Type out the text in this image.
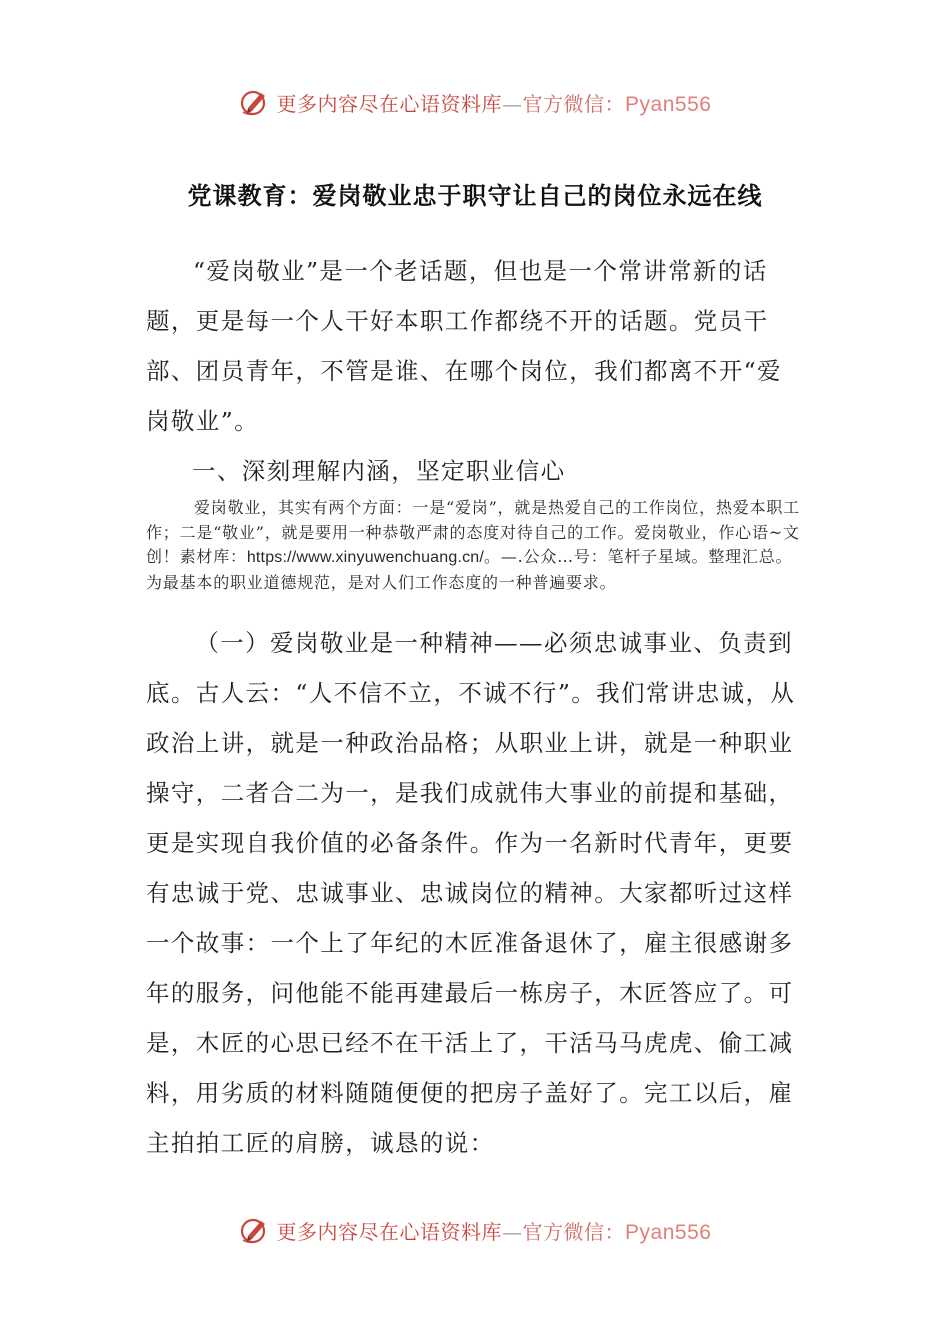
更多内容尽在心语资料库—官方微信：Pyan556
党课教育：爱岗敬业忠于职守让自己的岗位永远在线

“爱岗敬业”是一个老话题，但也是一个常讲常新的话题，更是每一个人干好本职工作都绕不开的话题。党员干部、团员青年，不管是谁、在哪个岗位，我们都离不开“爱岗敬业”。

一、深刻理解内涵，坚定职业信心

爱岗敬业，其实有两个方面：一是“爱岗”，就是热爱自己的工作岗位，热爱本职工作；二是“敬业”，就是要用一种恭敬严肃的态度对待自己的工作。爱岗敬业，作心语~文创！素材库：https://www.xinyuwenchuang.cn/。—.公众…号：笔杆子星域。整理汇总。为最基本的职业道德规范，是对人们工作态度的一种普遍要求。

（一）爱岗敬业是一种精神——必须忠诚事业、负责到底。古人云：“人不信不立，不诚不行”。我们常讲忠诚，从政治上讲，就是一种政治品格；从职业上讲，就是一种职业操守，二者合二为一，是我们成就伟大事业的前提和基础，更是实现自我价值的必备条件。作为一名新时代青年，更要有忠诚于党、忠诚事业、忠诚岗位的精神。大家都听过这样一个故事：一个上了年纪的木匠准备退休了，雇主很感谢多年的服务，问他能不能再建最后一栋房子，木匠答应了。可是，木匠的心思已经不在干活上了，干活马马虎虎、偷工减料，用劣质的材料随随便便的把房子盖好了。完工以后，雇主拍拍工匠的肩膀，诚恳的说：

更多内容尽在心语资料库—官方微信：Pyan556
